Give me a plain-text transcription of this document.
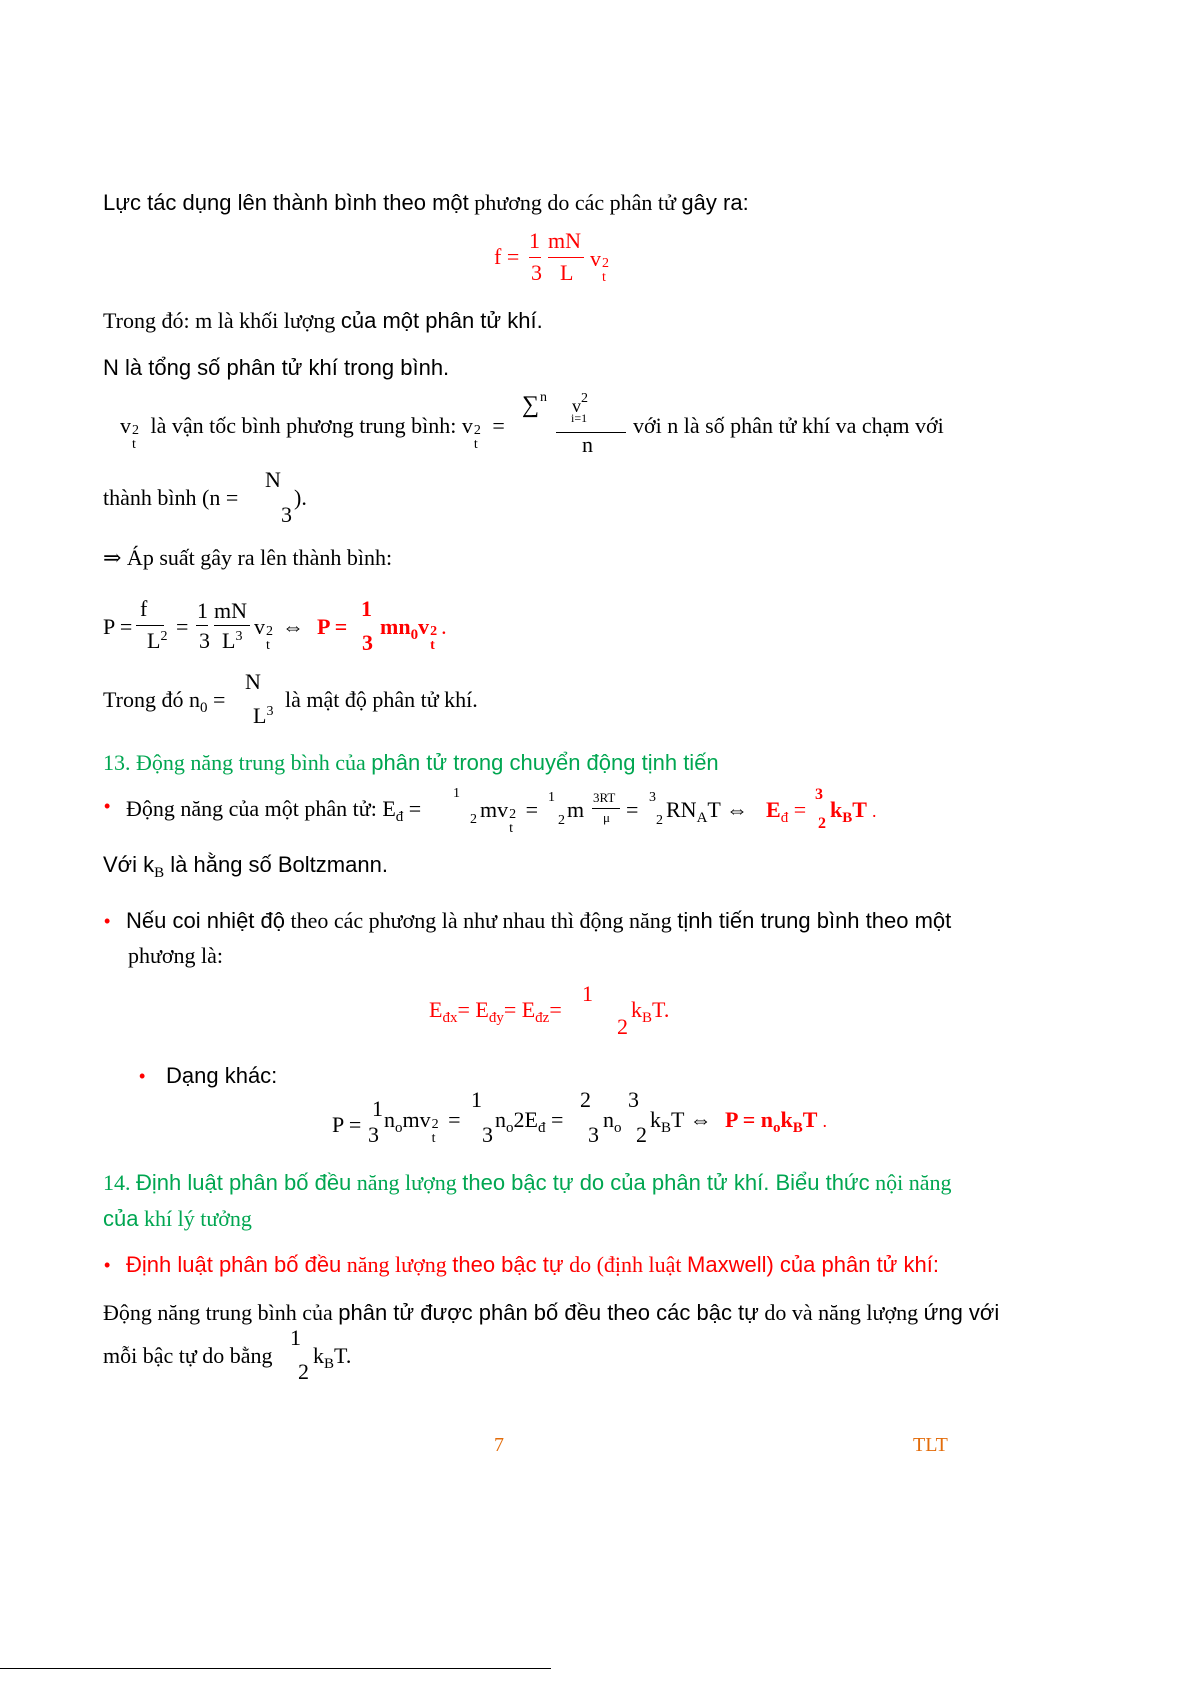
Lực tác dụng lên thành bình theo một phương do các phân tử gây ra:
f =
1 mN
3 L
v 2
t
Trong đó: m là khối lượng của một phân tử khí.
N là tổng số phân tử khí trong bình.
v 2
t
là vận tốc bình phương trung bình: v 2
t
=
∑ n $v^2$
i=1
n
với n là số phân tử khí va chạm với
thành bình (n =
N
3
).
⇒ Áp suất gây ra lên thành bình:
P =
f
$L^2$ =
1 mN
3 $L^3$ v 2
t
⇔ P =
1
3
$mn_0v$ 2
t
.
Trong đó $n_0$ =
N
$L^3$ là mật độ phân tử khí.
13. Động năng trung bình của phân tử trong chuyển động tịnh tiến
• Động năng của một phân tử: $E_đ$ =
1
2 mv 2
t
= 1
2 m 3RT
μ = 3
2 $RN_AT$ ⇔ $E_đ$ =
3
2
$k_BT$ .
Với $k_B$ là hằng số Boltzmann.
• Nếu coi nhiệt độ theo các phương là như nhau thì động năng tịnh tiến trung bình theo một
phương là:
$E_{đx}= E_{đy}= E_{đz}=$
1
2
$k_BT$.
• Dạng khác:
P =
1
3
$n_omv$ 2
t
=
1
3
$n_o2E_đ$ =
2
3
$n_o$
3
2
$k_BT$ ⇔ $P = n_ok_BT$ .
14. Định luật phân bố đều năng lượng theo bậc tự do của phân tử khí. Biểu thức nội năng
của khí lý tưởng
• Định luật phân bố đều năng lượng theo bậc tự do (định luật Maxwell) của phân tử khí:
Động năng trung bình của phân tử được phân bố đều theo các bậc tự do và năng lượng ứng với
mỗi bậc tự do bằng
1
2
$k_BT$.
7	TLT
